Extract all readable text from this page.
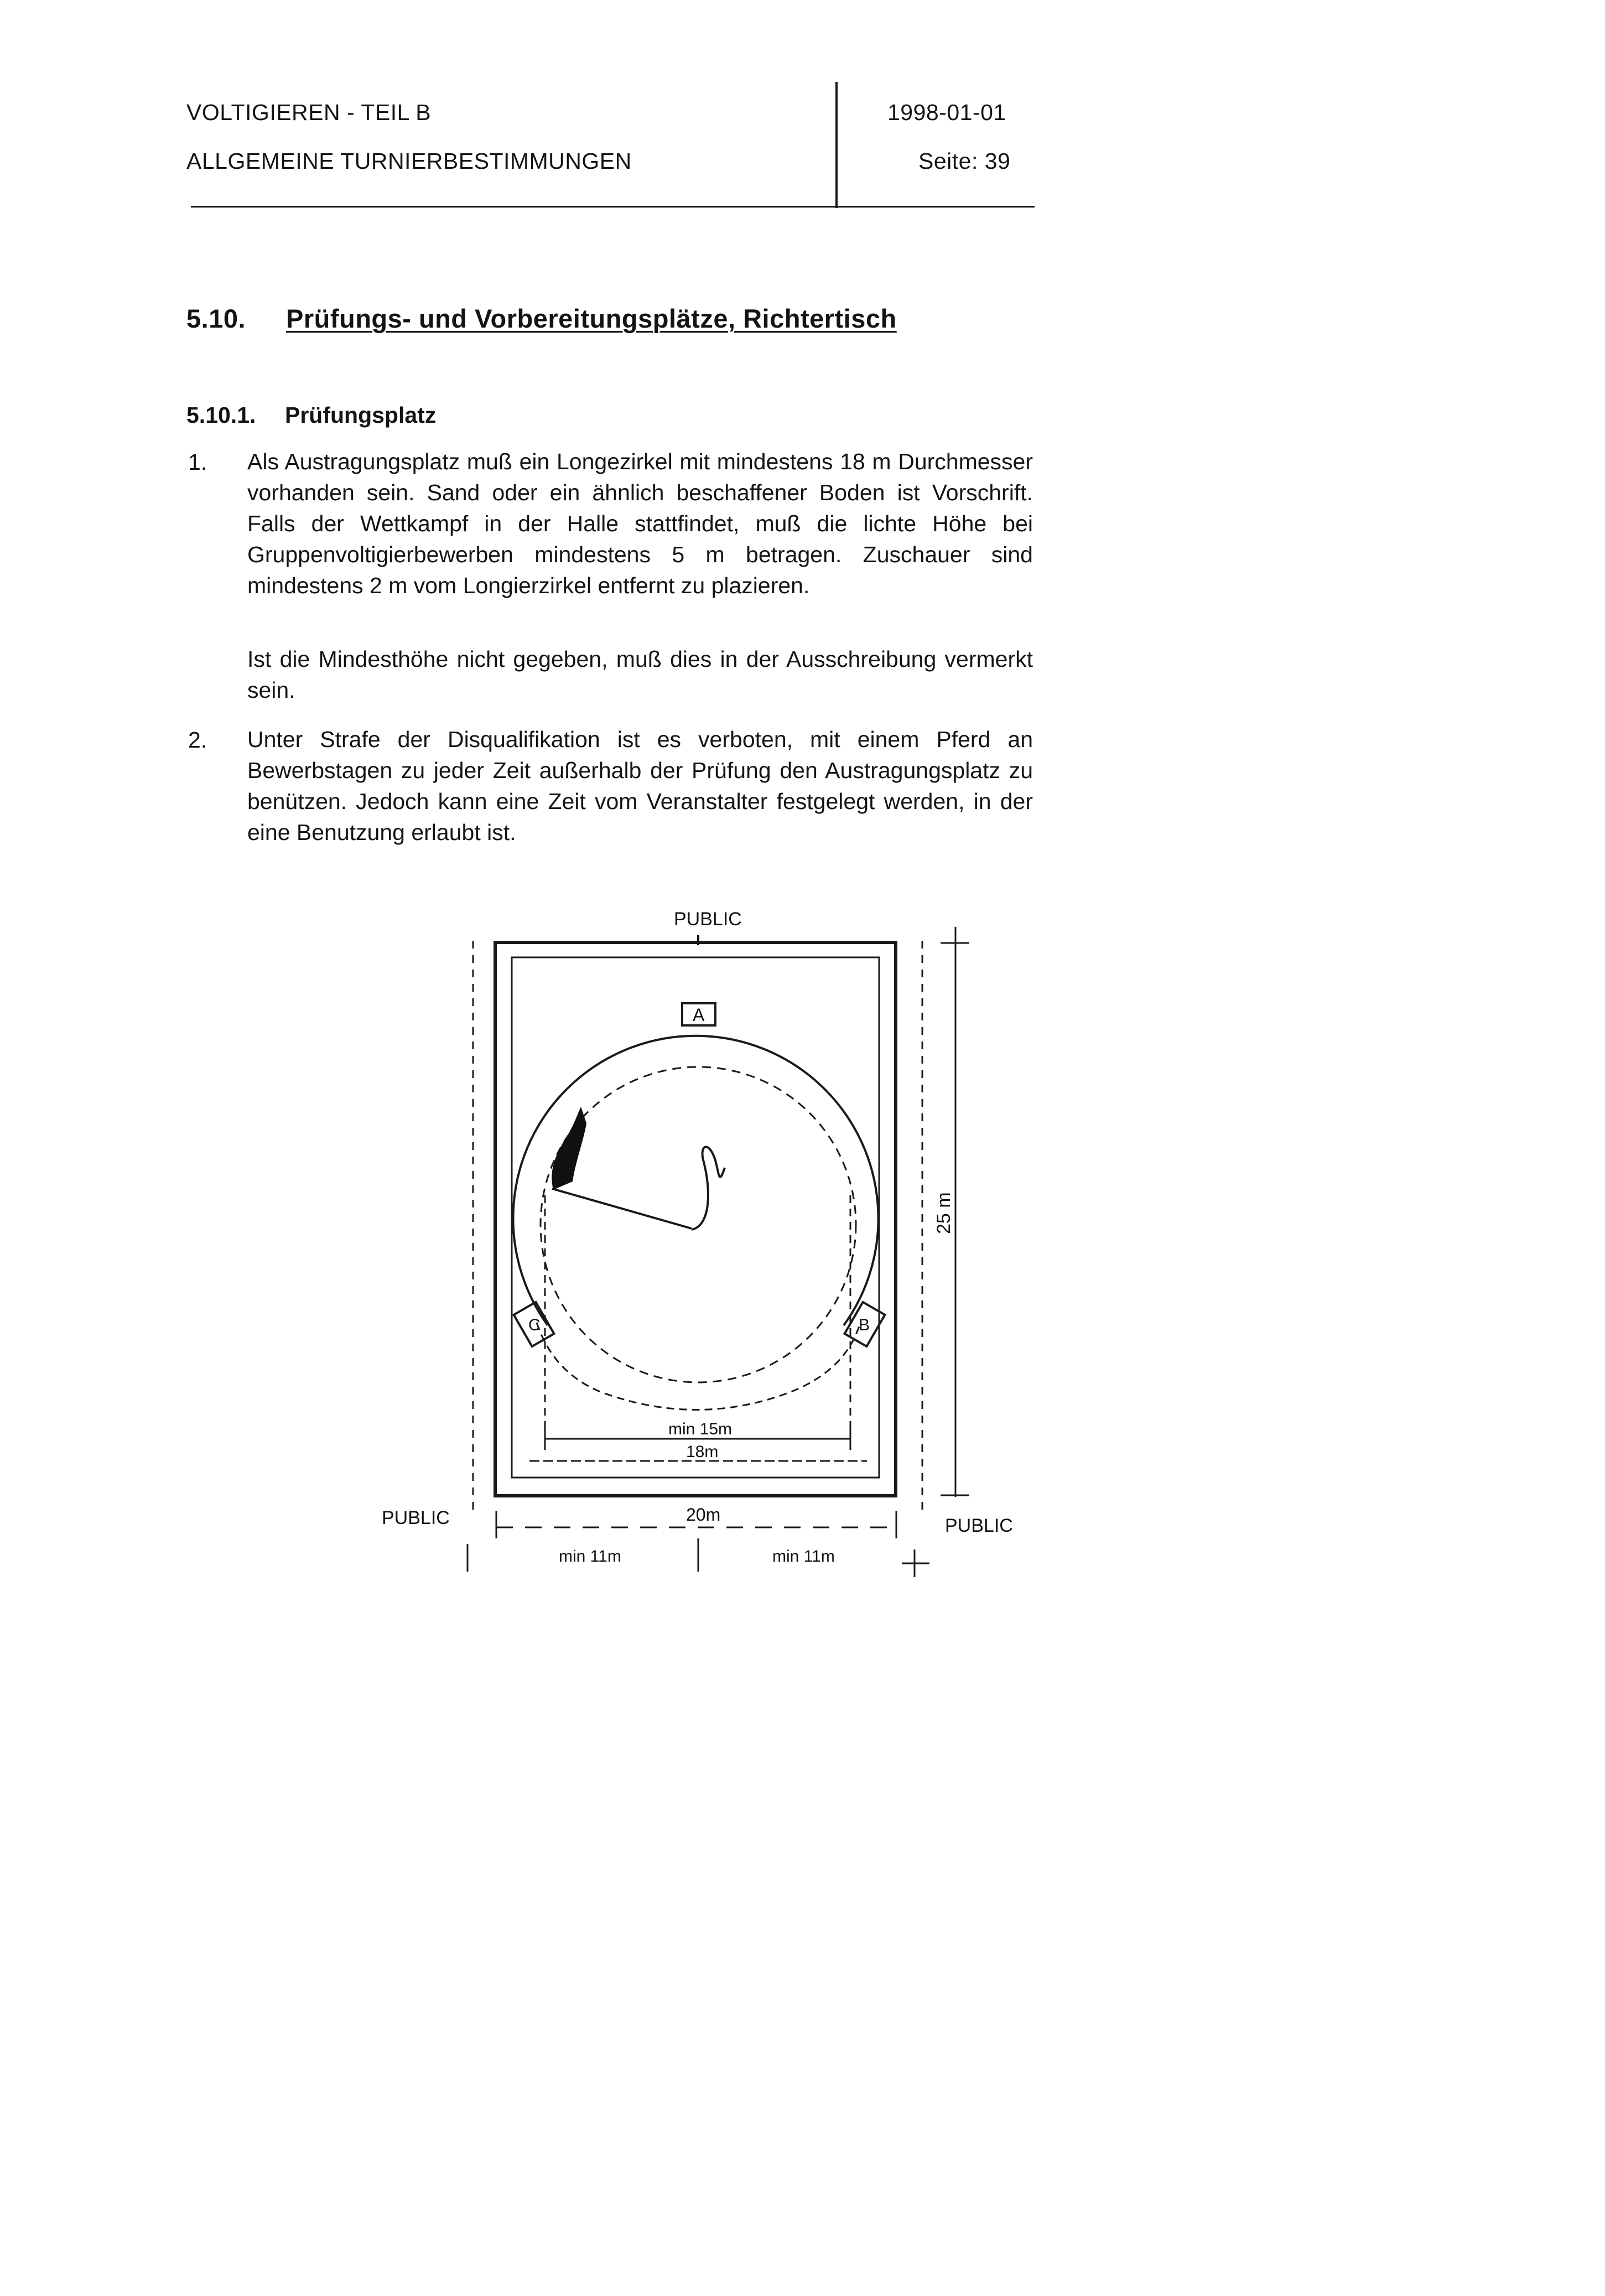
VOLTIGIEREN - TEIL B
ALLGEMEINE TURNIERBESTIMMUNGEN
1998-01-01
Seite: 39
5.10. Prüfungs- und Vorbereitungsplätze, Richtertisch
5.10.1. Prüfungsplatz
1. Als Austragungsplatz muß ein Longezirkel mit mindestens 18 m Durchmesser vorhanden sein. Sand oder ein ähnlich beschaffener Boden ist Vorschrift. Falls der Wettkampf in der Halle stattfindet, muß die lichte Höhe bei Gruppenvoltigierbewerben mindestens 5 m betragen. Zuschauer sind mindestens 2 m vom Longierzirkel entfernt zu plazieren.
Ist die Mindesthöhe nicht gegeben, muß dies in der Ausschreibung vermerkt sein.
2. Unter Strafe der Disqualifikation ist es verboten, mit einem Pferd an Bewerbstagen zu jeder Zeit außerhalb der Prüfung den Austragungsplatz zu benützen. Jedoch kann eine Zeit vom Veranstalter festgelegt werden, in der eine Benutzung erlaubt ist.
PUBLIC
PUBLIC	PUBLIC
A
B
C
25 m
20m
min 15m
18m
min 11m	min 11m
